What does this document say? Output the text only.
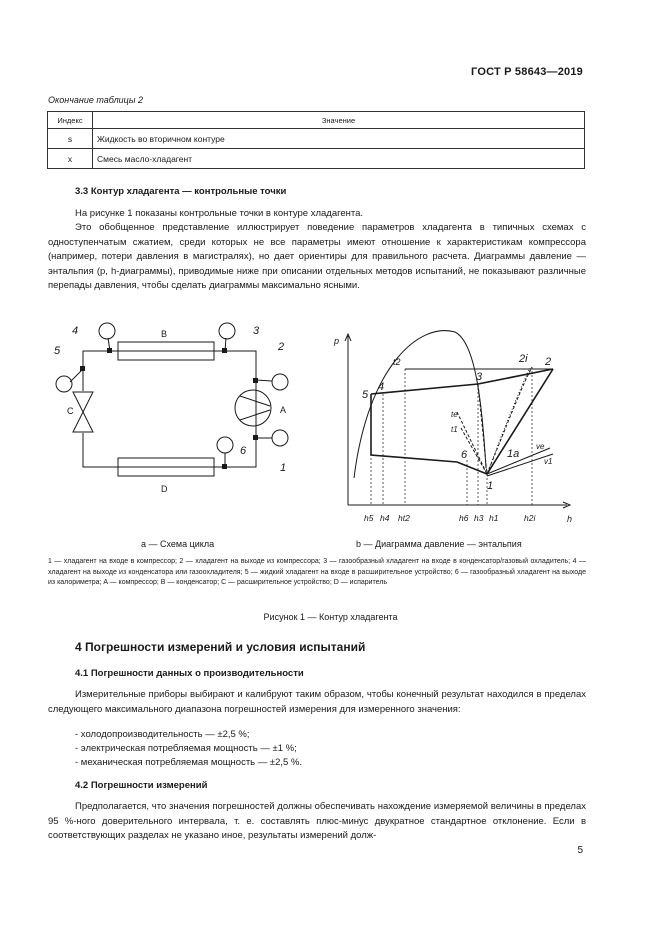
ГОСТ Р 58643—2019
Окончание таблицы 2
Индекс	Значение
s	Жидкость во вторичном контуре
x	Смесь масло-хладагент
3.3 Контур хладагента — контрольные точки
На рисунке 1 показаны контрольные точки в контуре хладагента.
Это обобщенное представление иллюстрирует поведение параметров хладагента в типичных схемах с одноступенчатым сжатием, среди которых не все параметры имеют отношение к характеристикам компрессора (например, потери давления в магистралях), но дает ориентиры для правильного расчета. Диаграммы давление — энтальпия (p, h-диаграммы), приводимые ниже при описании отдельных методов испытаний, не показывают различные перепады давления, чтобы сделать диаграммы максимально ясными.
4	3
5	2
6
1
t2	2
2i
3
4
5
6
1
1a
te
t1
ve
v1
p
h
h5 h4 ht2	h6 h3 h1	h2i
B
C	A
D
a — Схема цикла	b — Диаграмма давление — энтальпия
1 — хладагент на входе в компрессор; 2 — хладагент на выходе из компрессора; 3 — газообразный хладагент на входе в конденсатор/газовый охладитель; 4 — хладагент на выходе из конденсатора или газоохладителя; 5 — жидкий хладагент на входе в расширительное устройство; 6 — газообразный хладагент на выходе из калориметра; A — компрессор; B — конденсатор; C — расширительное устройство; D — испаритель
Рисунок 1 — Контур хладагента
4 Погрешности измерений и условия испытаний
4.1 Погрешности данных о производительности
Измерительные приборы выбирают и калибруют таким образом, чтобы конечный результат находился в пределах следующего максимального диапазона погрешностей измерения для измеренного значения:
- холодопроизводительность — ±2,5 %;
- электрическая потребляемая мощность — ±1 %;
- механическая потребляемая мощность — ±2,5 %.
4.2 Погрешности измерений
Предполагается, что значения погрешностей должны обеспечивать нахождение измеряемой величины в пределах 95 %-ного доверительного интервала, т. е. составлять плюс-минус двукратное стандартное отклонение. Если в соответствующих разделах не указано иное, результаты измерений долж-
5
